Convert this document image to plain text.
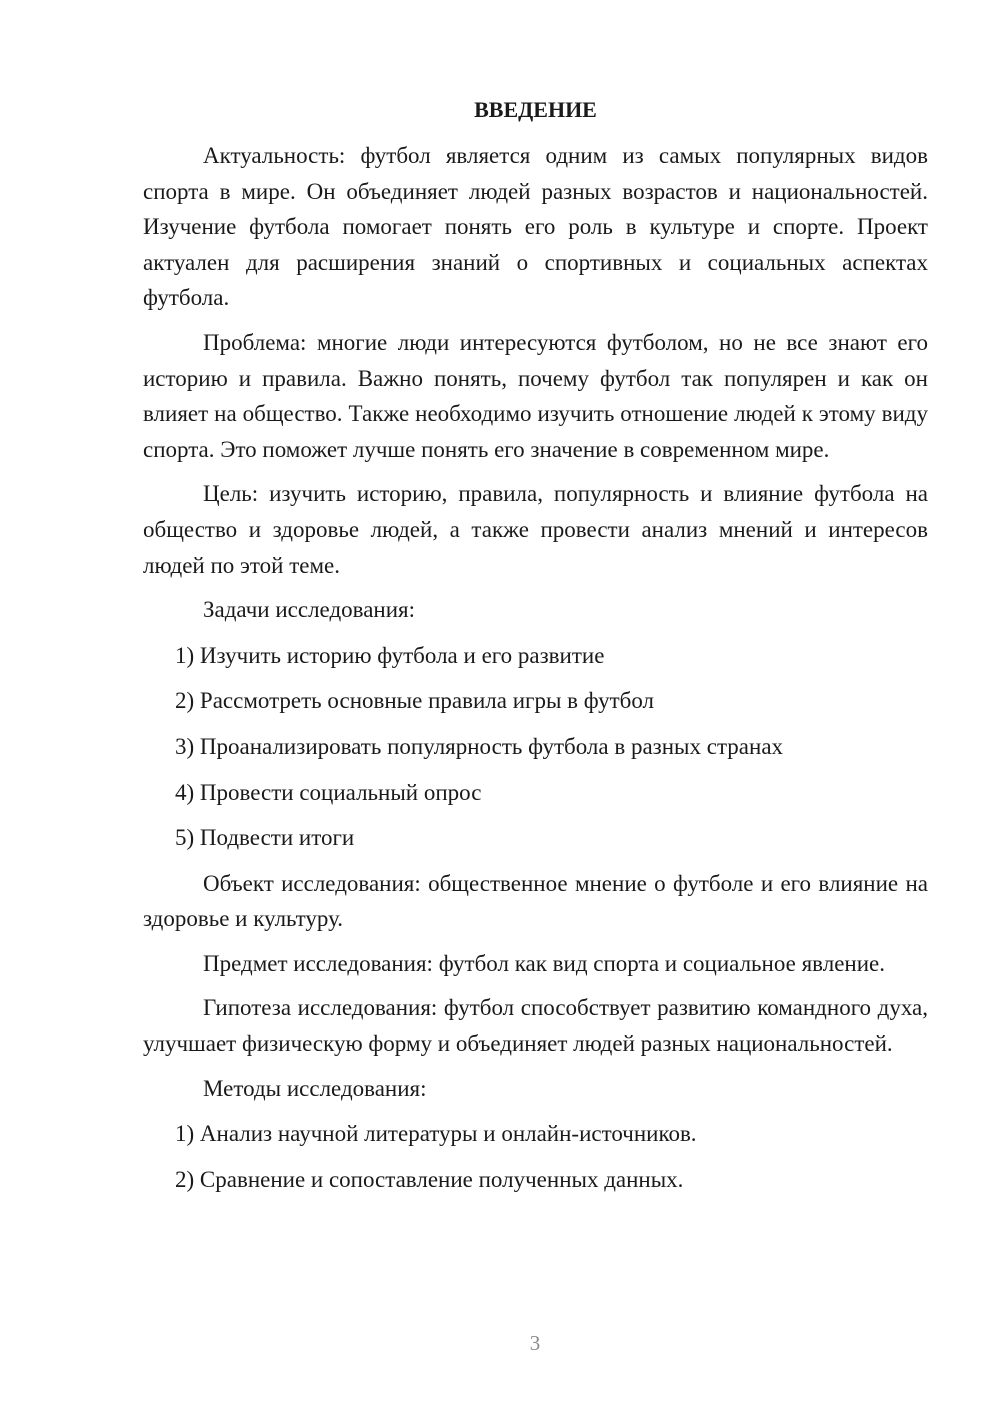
ВВЕДЕНИЕ

Актуальность: футбол является одним из самых популярных видов спорта в мире. Он объединяет людей разных возрастов и национальностей. Изучение футбола помогает понять его роль в культуре и спорте. Проект актуален для расширения знаний о спортивных и социальных аспектах футбола.

Проблема: многие люди интересуются футболом, но не все знают его историю и правила. Важно понять, почему футбол так популярен и как он влияет на общество. Также необходимо изучить отношение людей к этому виду спорта. Это поможет лучше понять его значение в современном мире.

Цель: изучить историю, правила, популярность и влияние футбола на общество и здоровье людей, а также провести анализ мнений и интересов людей по этой теме.

Задачи исследования:

1) Изучить историю футбола и его развитие
2) Рассмотреть основные правила игры в футбол
3) Проанализировать популярность футбола в разных странах
4) Провести социальный опрос
5) Подвести итоги

Объект исследования: общественное мнение о футболе и его влияние на здоровье и культуру.

Предмет исследования: футбол как вид спорта и социальное явление.

Гипотеза исследования: футбол способствует развитию командного духа, улучшает физическую форму и объединяет людей разных национальностей.

Методы исследования:

1) Анализ научной литературы и онлайн-источников.
2) Сравнение и сопоставление полученных данных.
3
